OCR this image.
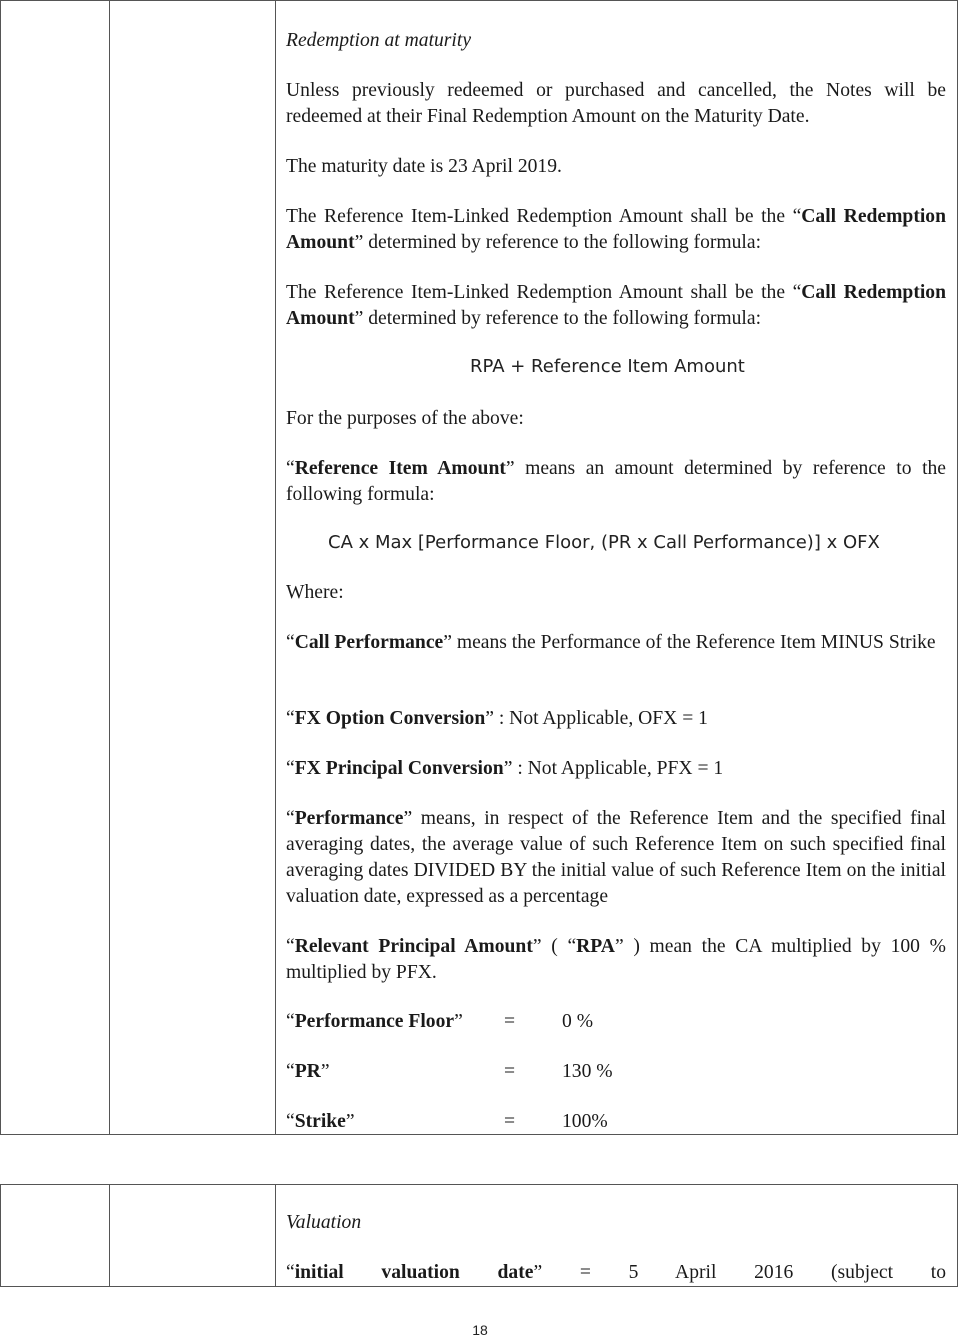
Redemption at maturity

Unless previously redeemed or purchased and cancelled, the Notes will be redeemed at their Final Redemption Amount on the Maturity Date.

The maturity date is 23 April 2019.

The Reference Item-Linked Redemption Amount shall be the “Call Redemption Amount” determined by reference to the following formula:

The Reference Item-Linked Redemption Amount shall be the “Call Redemption Amount” determined by reference to the following formula:

RPA + Reference Item Amount

For the purposes of the above:

“Reference Item Amount” means an amount determined by reference to the following formula:

CA x Max [Performance Floor, (PR x Call Performance)] x OFX

Where:

“Call Performance” means the Performance of the Reference Item MINUS Strike

“FX Option Conversion” : Not Applicable, OFX = 1

“FX Principal Conversion” : Not Applicable, PFX = 1

“Performance” means, in respect of the Reference Item and the specified final averaging dates, the average value of such Reference Item on such specified final averaging dates DIVIDED BY the initial value of such Reference Item on the initial valuation date, expressed as a percentage

“Relevant Principal Amount” ( “RPA” ) mean the CA multiplied by 100 % multiplied by PFX.

“Performance Floor” = 0 %
“PR”	= 130 %
“Strike”	= 100%

Valuation

“initial valuation date” = 5 April 2016 (subject to

18
